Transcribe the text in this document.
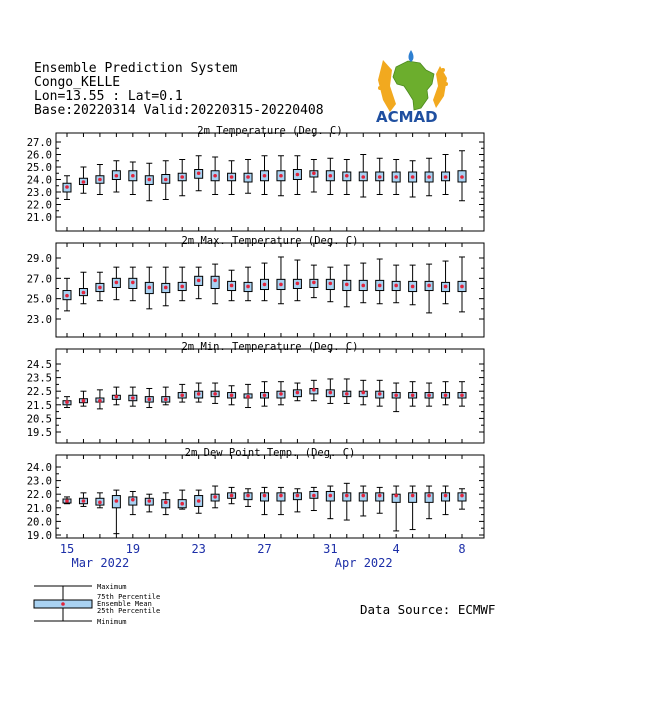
Ensemble Prediction System
Congo_KELLE
Lon=13.55 : Lat=0.1
Base:20220314 Valid:20220315-20220408	ACMAD
2m Temperature (Deg. C)
27.0
26.0
25.0
24.0
23.0
22.0
21.0
2m Max. Temperature (Deg. C)
29.0
27.0
25.0
23.0
2m Min. Temperature (Deg. C)
24.5
23.5
22.5
21.5
20.5
19.5
2m Dew Point Temp. (Deg. C)
24.0
23.0
22.0
21.0
20.0
19.0
15	19	23	27	31	4	8
Mar 2022	Apr 2022
Maximum
75th Percentile
Ensemble Mean
25th Percentile
Minimum
Data Source: ECMWF
